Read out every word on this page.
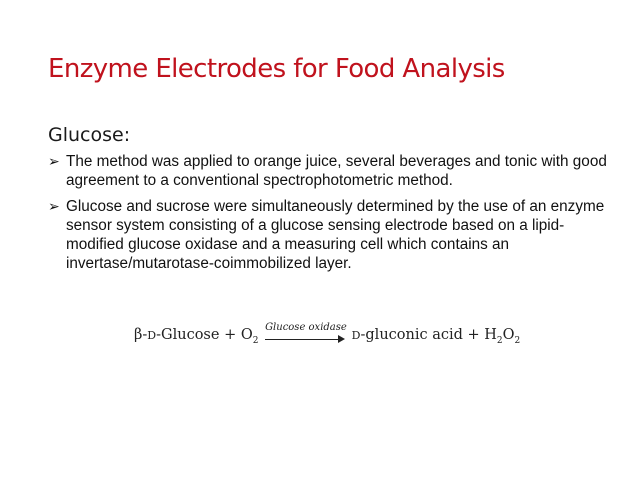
Enzyme Electrodes for Food Analysis
Glucose:
➢ The method was applied to orange juice, several beverages and tonic with good agreement to a conventional spectrophotometric method.
➢ Glucose and sucrose were simultaneously determined by the use of an enzyme sensor system consisting of a glucose sensing electrode based on a lipid-modified glucose oxidase and a measuring cell which contains an invertase/mutarotase-coimmobilized layer.
$\beta-D-Glucose + O_2$
Glucose oxidase
D-gluconic acid + $H_2O_2$
